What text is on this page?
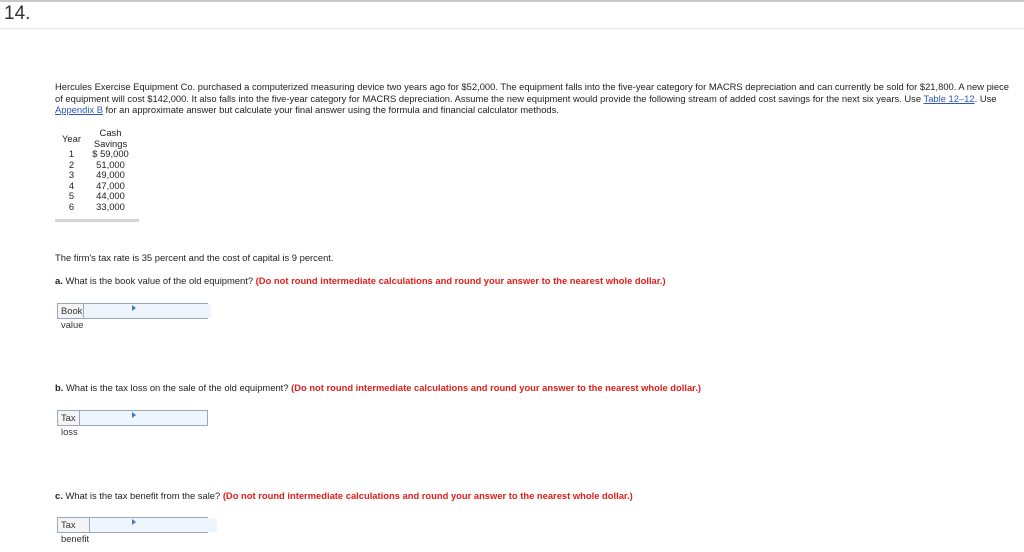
14.
Hercules Exercise Equipment Co. purchased a computerized measuring device two years ago for $52,000. The equipment falls into the five-year category for MACRS depreciation and can currently be sold for $21,800. A new piece of equipment will cost $142,000. It also falls into the five-year category for MACRS depreciation. Assume the new equipment would provide the following stream of added cost savings for the next six years. Use Table 12–12. Use Appendix B for an approximate answer but calculate your final answer using the formula and financial calculator methods.
Year	Cash
Savings

1	$ 59,000
2	51,000
3	49,000
4	47,000
5	44,000
6	33,000
The firm's tax rate is 35 percent and the cost of capital is 9 percent.
a. What is the book value of the old equipment? (Do not round intermediate calculations and round your answer to the nearest whole dollar.)
Book value
b. What is the tax loss on the sale of the old equipment? (Do not round intermediate calculations and round your answer to the nearest whole dollar.)
Tax loss
c. What is the tax benefit from the sale? (Do not round intermediate calculations and round your answer to the nearest whole dollar.)
Tax benefit
